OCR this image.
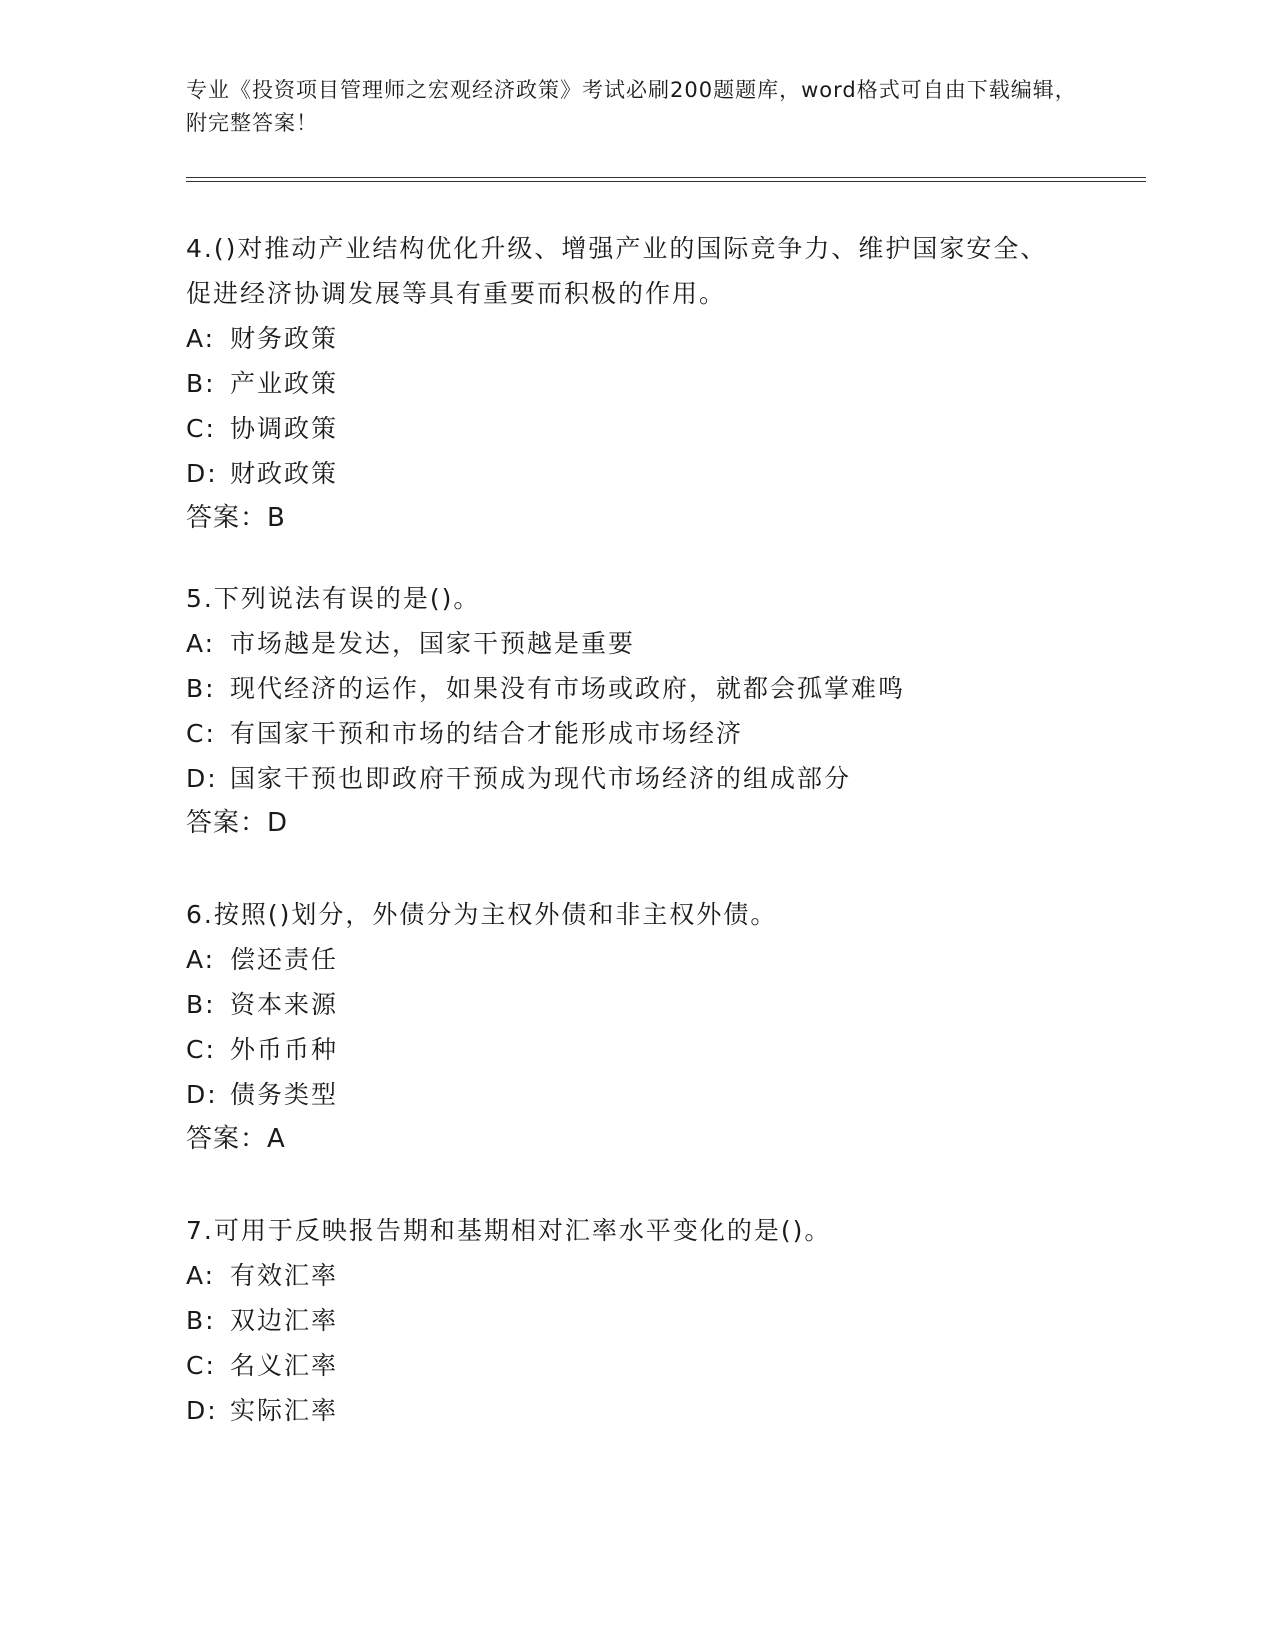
专业《投资项目管理师之宏观经济政策》考试必刷200题题库，word格式可自由下载编辑，附完整答案！

4.()对推动产业结构优化升级、增强产业的国际竞争力、维护国家安全、促进经济协调发展等具有重要而积极的作用。

A: 财务政策

B: 产业政策

C: 协调政策

D: 财政政策

答案：B

5.下列说法有误的是()。

A: 市场越是发达，国家干预越是重要

B: 现代经济的运作，如果没有市场或政府，就都会孤掌难鸣

C: 有国家干预和市场的结合才能形成市场经济

D: 国家干预也即政府干预成为现代市场经济的组成部分

答案：D

6.按照()划分，外债分为主权外债和非主权外债。

A: 偿还责任

B: 资本来源

C: 外币币种

D: 债务类型

答案：A

7.可用于反映报告期和基期相对汇率水平变化的是()。

A: 有效汇率

B: 双边汇率

C: 名义汇率

D: 实际汇率
